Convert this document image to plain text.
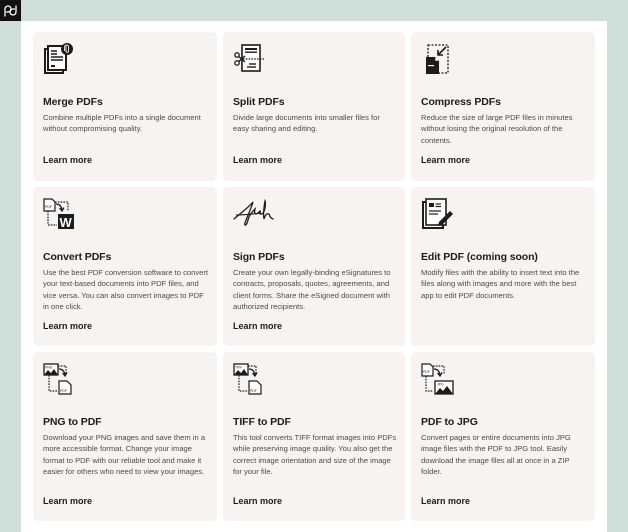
Merge PDFs
Combine multiple PDFs into a single document without compromising quality.
Learn more
Split PDFs
Divide large documents into smaller files for easy sharing and editing.
Learn more
Compress PDFs
Reduce the size of large PDF files in minutes without losing the original resolution of the contents.
Learn more
PDF
W
Convert PDFs
Use the best PDF conversion software to convert your text-based documents into PDF files, and vice versa. You can also convert images to PDF in one click.
Learn more
Sign PDFs
Create your own legally-binding eSignatures to contracts, proposals, quotes, agreements, and client forms. Share the eSigned document with authorized recipients.
Learn more
Edit PDF (coming soon)
Modify files with the ability to insert text into the files along with images and more with the best app to edit PDF documents.
PNG
PDF
PNG to PDF
Download your PNG images and save them in a more accessible format. Change your image format to PDF with our reliable tool and make it easier for others who need to view your images.
Learn more
TIFF
PDF
TIFF to PDF
This tool converts TIFF format images into PDFs while preserving image quality. You also get the correct image orientation and size of the image for your file.
Learn more
PDF
JPG
PDF to JPG
Convert pages or entire documents into JPG image files with the PDF to JPG tool. Easily download the image files all at once in a ZIP folder.
Learn more
